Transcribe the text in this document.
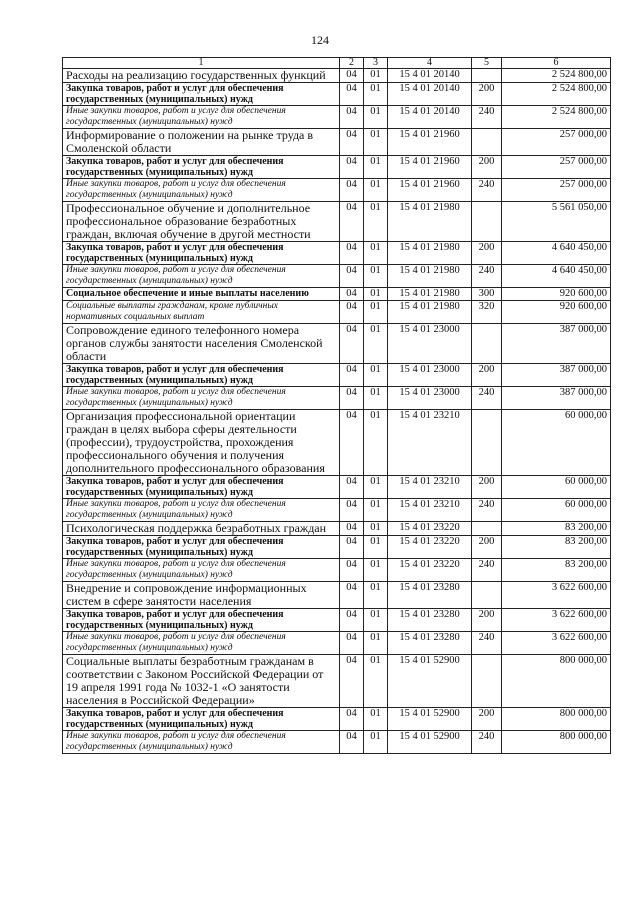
124
1	2	3	4	5	6
Расходы на реализацию государственных функций	04	01	15 4 01 20140		2 524 800,00
Закупка товаров, работ и услуг для обеспечения государственных (муниципальных) нужд	04	01	15 4 01 20140	200	2 524 800,00
Иные закупки товаров, работ и услуг для обеспечения государственных (муниципальных) нужд	04	01	15 4 01 20140	240	2 524 800,00
Информирование о положении на рынке труда в Смоленской области	04	01	15 4 01 21960		257 000,00
Закупка товаров, работ и услуг для обеспечения государственных (муниципальных) нужд	04	01	15 4 01 21960	200	257 000,00
Иные закупки товаров, работ и услуг для обеспечения государственных (муниципальных) нужд	04	01	15 4 01 21960	240	257 000,00
Профессиональное обучение и дополнительное профессиональное образование безработных граждан, включая обучение в другой местности	04	01	15 4 01 21980		5 561 050,00
Закупка товаров, работ и услуг для обеспечения государственных (муниципальных) нужд	04	01	15 4 01 21980	200	4 640 450,00
Иные закупки товаров, работ и услуг для обеспечения государственных (муниципальных) нужд	04	01	15 4 01 21980	240	4 640 450,00
Социальное обеспечение и иные выплаты населению	04	01	15 4 01 21980	300	920 600,00
Социальные выплаты гражданам, кроме публичных нормативных социальных выплат	04	01	15 4 01 21980	320	920 600,00
Сопровождение единого телефонного номера органов службы занятости населения Смоленской области	04	01	15 4 01 23000		387 000,00
Закупка товаров, работ и услуг для обеспечения государственных (муниципальных) нужд	04	01	15 4 01 23000	200	387 000,00
Иные закупки товаров, работ и услуг для обеспечения государственных (муниципальных) нужд	04	01	15 4 01 23000	240	387 000,00
Организация профессиональной ориентации граждан в целях выбора сферы деятельности (профессии), трудоустройства, прохождения профессионального обучения и получения дополнительного профессионального образования	04	01	15 4 01 23210		60 000,00
Закупка товаров, работ и услуг для обеспечения государственных (муниципальных) нужд	04	01	15 4 01 23210	200	60 000,00
Иные закупки товаров, работ и услуг для обеспечения государственных (муниципальных) нужд	04	01	15 4 01 23210	240	60 000,00
Психологическая поддержка безработных граждан	04	01	15 4 01 23220		83 200,00
Закупка товаров, работ и услуг для обеспечения государственных (муниципальных) нужд	04	01	15 4 01 23220	200	83 200,00
Иные закупки товаров, работ и услуг для обеспечения государственных (муниципальных) нужд	04	01	15 4 01 23220	240	83 200,00
Внедрение и сопровождение информационных систем в сфере занятости населения	04	01	15 4 01 23280		3 622 600,00
Закупка товаров, работ и услуг для обеспечения государственных (муниципальных) нужд	04	01	15 4 01 23280	200	3 622 600,00
Иные закупки товаров, работ и услуг для обеспечения государственных (муниципальных) нужд	04	01	15 4 01 23280	240	3 622 600,00
Социальные выплаты безработным гражданам в соответствии с Законом Российской Федерации от 19 апреля 1991 года № 1032-1 «О занятости населения в Российской Федерации»	04	01	15 4 01 52900		800 000,00
Закупка товаров, работ и услуг для обеспечения государственных (муниципальных) нужд	04	01	15 4 01 52900	200	800 000,00
Иные закупки товаров, работ и услуг для обеспечения государственных (муниципальных) нужд	04	01	15 4 01 52900	240	800 000,00
